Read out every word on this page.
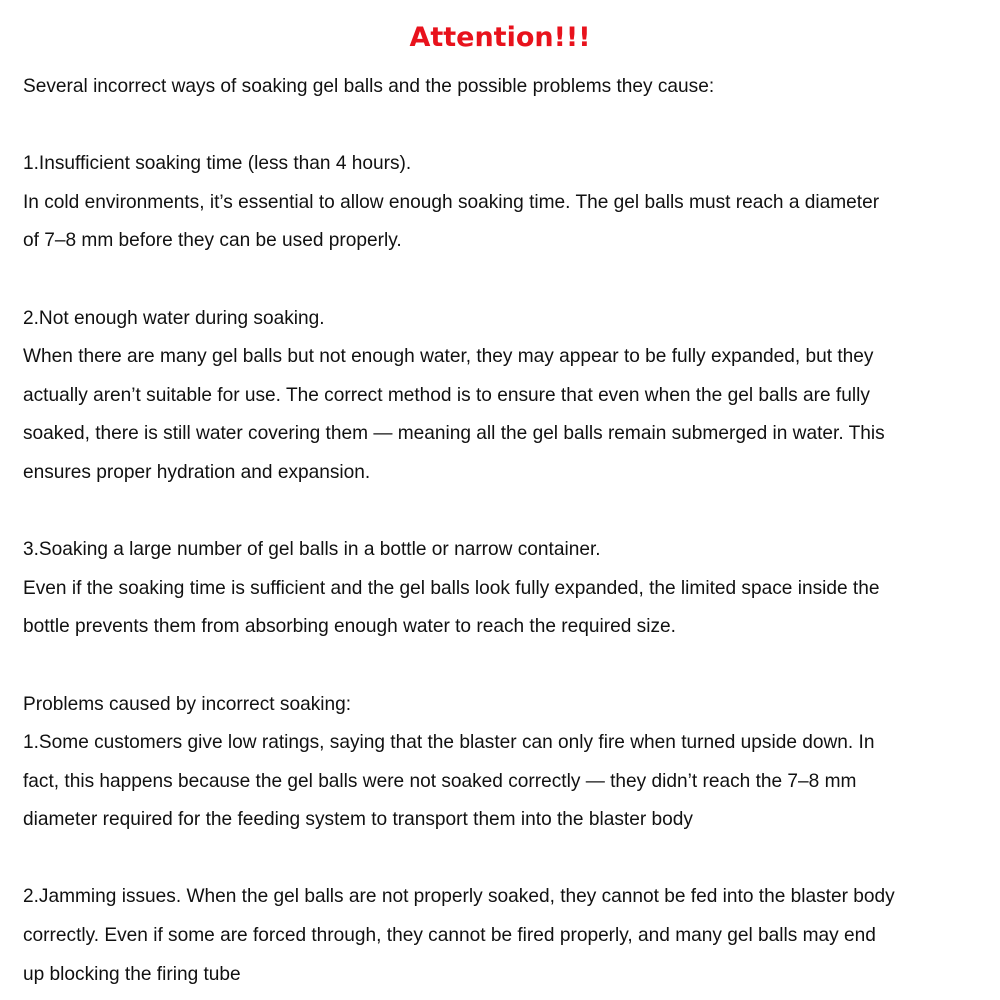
Attention!!!
Several incorrect ways of soaking gel balls and the possible problems they cause:
1.Insufficient soaking time (less than 4 hours).
In cold environments, it’s essential to allow enough soaking time. The gel balls must reach a diameter
of 7–8 mm before they can be used properly.
2.Not enough water during soaking.
When there are many gel balls but not enough water, they may appear to be fully expanded, but they
actually aren’t suitable for use. The correct method is to ensure that even when the gel balls are fully
soaked, there is still water covering them — meaning all the gel balls remain submerged in water. This
ensures proper hydration and expansion.
3.Soaking a large number of gel balls in a bottle or narrow container.
Even if the soaking time is sufficient and the gel balls look fully expanded, the limited space inside the
bottle prevents them from absorbing enough water to reach the required size.
Problems caused by incorrect soaking:
1.Some customers give low ratings, saying that the blaster can only fire when turned upside down. In
fact, this happens because the gel balls were not soaked correctly — they didn’t reach the 7–8 mm
diameter required for the feeding system to transport them into the blaster body
2.Jamming issues. When the gel balls are not properly soaked, they cannot be fed into the blaster body
correctly. Even if some are forced through, they cannot be fired properly, and many gel balls may end
up blocking the firing tube
